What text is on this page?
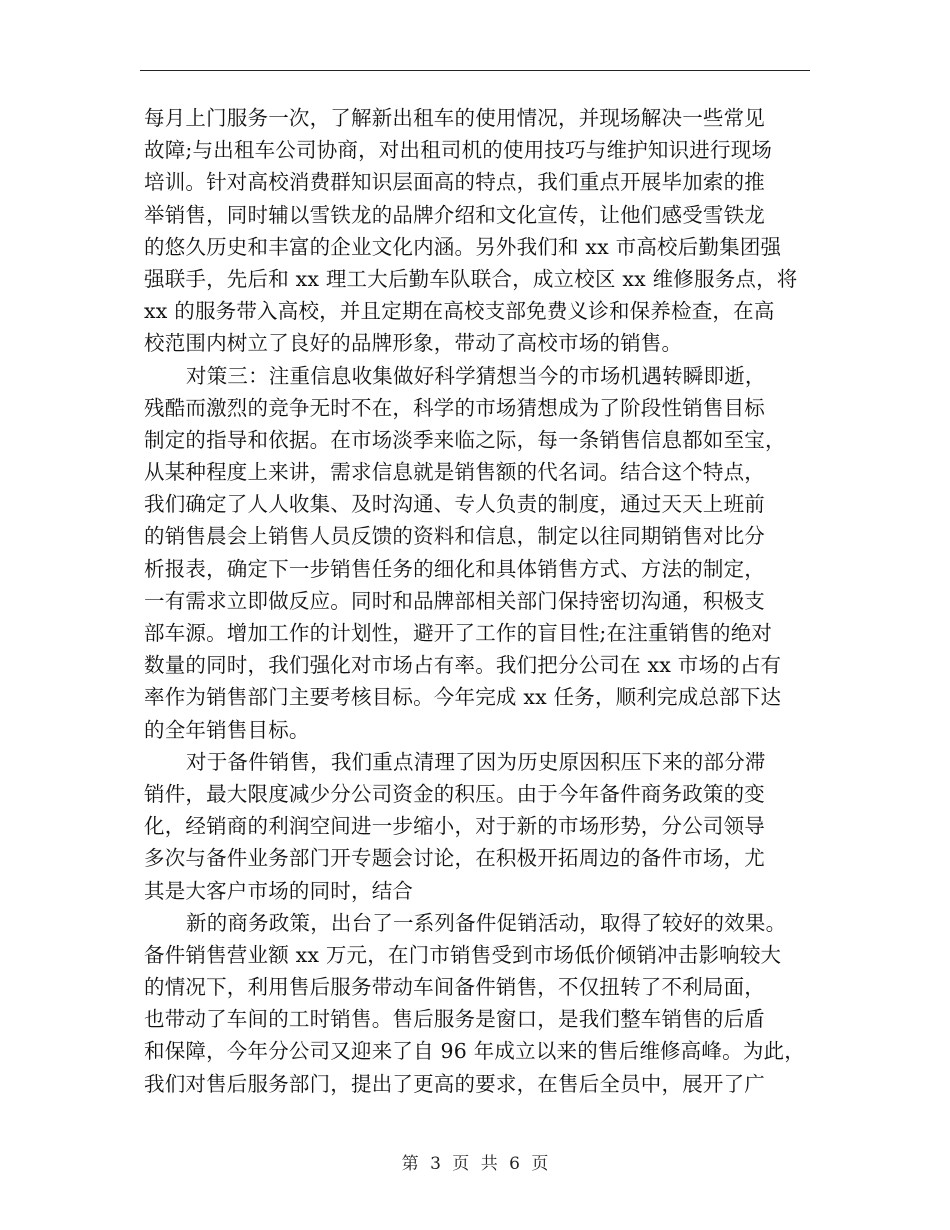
每月上门服务一次，了解新出租车的使用情况，并现场解决一些常见
故障;与出租车公司协商，对出租司机的使用技巧与维护知识进行现场
培训。针对高校消费群知识层面高的特点，我们重点开展毕加索的推
举销售，同时辅以雪铁龙的品牌介绍和文化宣传，让他们感受雪铁龙
的悠久历史和丰富的企业文化内涵。另外我们和 xx 市高校后勤集团强
强联手，先后和 xx 理工大后勤车队联合，成立校区 xx 维修服务点，将
xx 的服务带入高校，并且定期在高校支部免费义诊和保养检查，在高
校范围内树立了良好的品牌形象，带动了高校市场的销售。
对策三：注重信息收集做好科学猜想当今的市场机遇转瞬即逝，
残酷而激烈的竞争无时不在，科学的市场猜想成为了阶段性销售目标
制定的指导和依据。在市场淡季来临之际，每一条销售信息都如至宝，
从某种程度上来讲，需求信息就是销售额的代名词。结合这个特点，
我们确定了人人收集、及时沟通、专人负责的制度，通过天天上班前
的销售晨会上销售人员反馈的资料和信息，制定以往同期销售对比分
析报表，确定下一步销售任务的细化和具体销售方式、方法的制定，
一有需求立即做反应。同时和品牌部相关部门保持密切沟通，积极支
部车源。增加工作的计划性，避开了工作的盲目性;在注重销售的绝对
数量的同时，我们强化对市场占有率。我们把分公司在 xx 市场的占有
率作为销售部门主要考核目标。今年完成 xx 任务，顺利完成总部下达
的全年销售目标。
对于备件销售，我们重点清理了因为历史原因积压下来的部分滞
销件，最大限度减少分公司资金的积压。由于今年备件商务政策的变
化，经销商的利润空间进一步缩小，对于新的市场形势，分公司领导
多次与备件业务部门开专题会讨论，在积极开拓周边的备件市场，尤
其是大客户市场的同时，结合
新的商务政策，出台了一系列备件促销活动，取得了较好的效果。
备件销售营业额 xx 万元，在门市销售受到市场低价倾销冲击影响较大
的情况下，利用售后服务带动车间备件销售，不仅扭转了不利局面，
也带动了车间的工时销售。售后服务是窗口，是我们整车销售的后盾
和保障，今年分公司又迎来了自 96 年成立以来的售后维修高峰。为此，
我们对售后服务部门，提出了更高的要求，在售后全员中，展开了广
第 3 页 共 6 页
